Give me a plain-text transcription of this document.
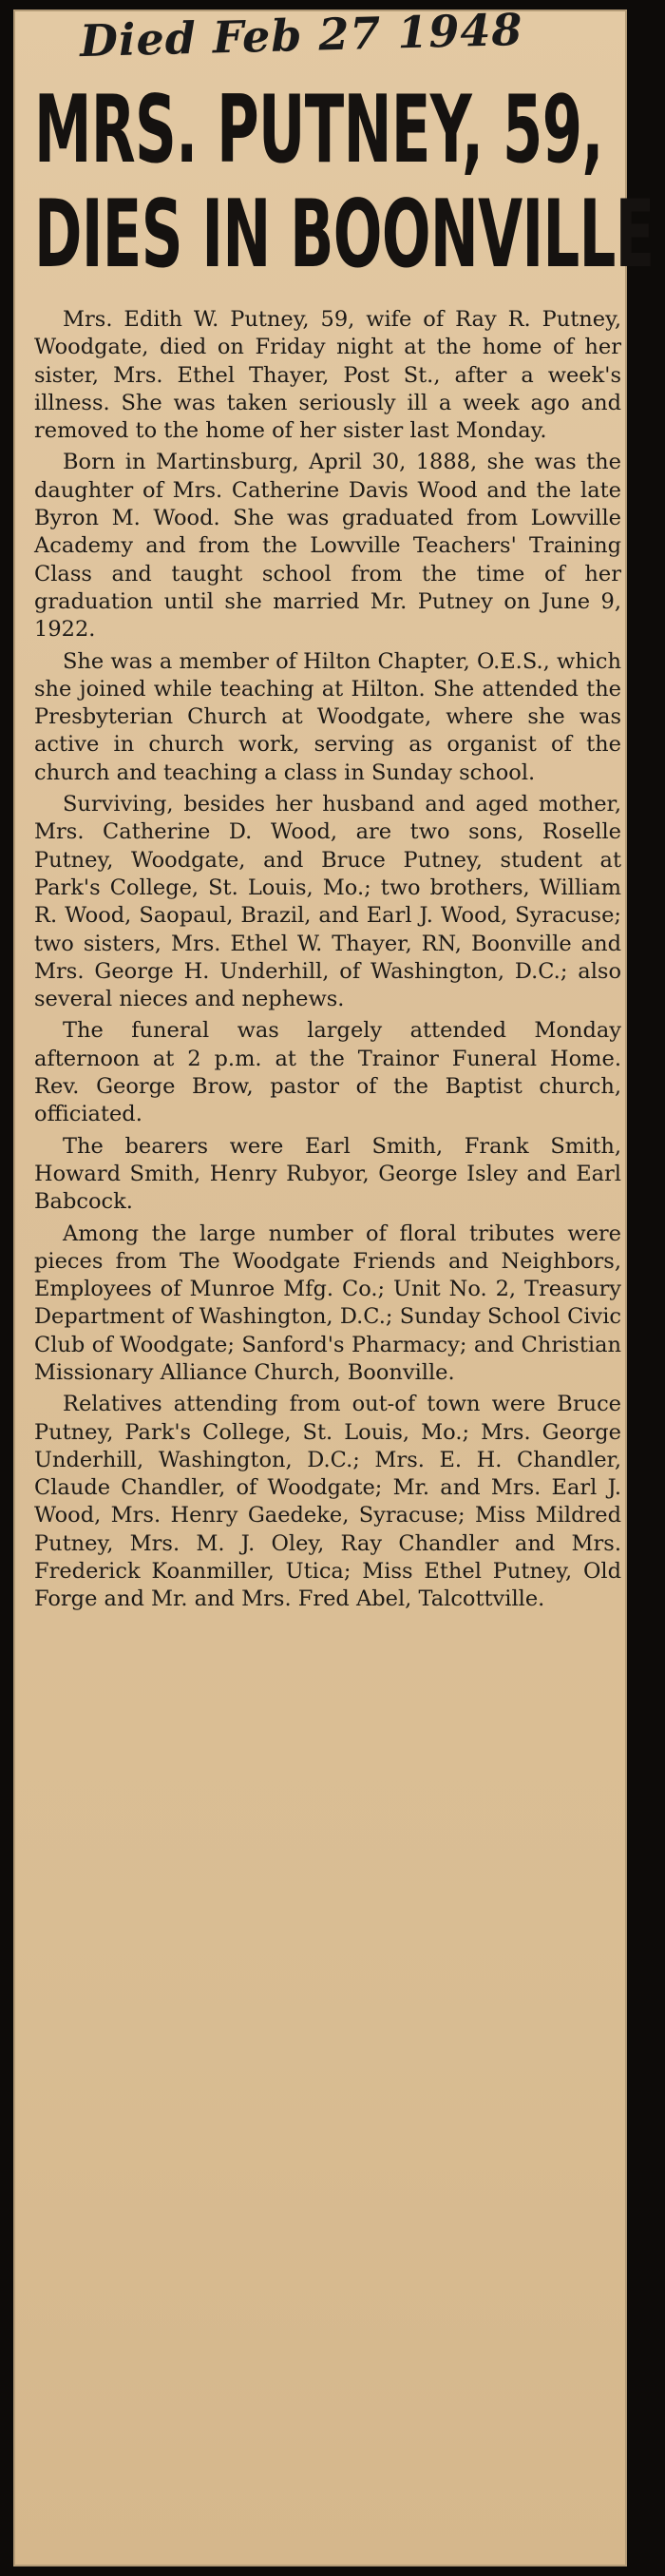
Died Feb 27 1948
MRS. PUTNEY, 59,
DIES IN BOONVILLE

Mrs. Edith W. Putney, 59, wife of Ray R. Putney, Woodgate, died on Friday night at the home of her sister, Mrs. Ethel Thayer, Post St., after a week's illness. She was taken seriously ill a week ago and removed to the home of her sister last Monday.

Born in Martinsburg, April 30, 1888, she was the daughter of Mrs. Catherine Davis Wood and the late Byron M. Wood. She was graduated from Lowville Academy and from the Lowville Teachers' Training Class and taught school from the time of her graduation until she married Mr. Putney on June 9, 1922.

She was a member of Hilton Chapter, O.E.S., which she joined while teaching at Hilton. She attended the Presbyterian Church at Woodgate, where she was active in church work, serving as organist of the church and teaching a class in Sunday school.

Surviving, besides her husband and aged mother, Mrs. Catherine D. Wood, are two sons, Roselle Putney, Woodgate, and Bruce Putney, student at Park's College, St. Louis, Mo.; two brothers, William R. Wood, Saopaul, Brazil, and Earl J. Wood, Syracuse; two sisters, Mrs. Ethel W. Thayer, RN, Boonville and Mrs. George H. Underhill, of Washington, D.C.; also several nieces and nephews.

The funeral was largely attended Monday afternoon at 2 p.m. at the Trainor Funeral Home. Rev. George Brow, pastor of the Baptist church, officiated.

The bearers were Earl Smith, Frank Smith, Howard Smith, Henry Rubyor, George Isley and Earl Babcock.

Among the large number of floral tributes were pieces from The Woodgate Friends and Neighbors, Employees of Munroe Mfg. Co.; Unit No. 2, Treasury Department of Washington, D.C.; Sunday School Civic Club of Woodgate; Sanford's Pharmacy; and Christian Missionary Alliance Church, Boonville.

Relatives attending from out-of town were Bruce Putney, Park's College, St. Louis, Mo.; Mrs. George Underhill, Washington, D.C.; Mrs. E. H. Chandler, Claude Chandler, of Woodgate; Mr. and Mrs. Earl J. Wood, Mrs. Henry Gaedeke, Syracuse; Miss Mildred Putney, Mrs. M. J. Oley, Ray Chandler and Mrs. Frederick Koanmiller, Utica; Miss Ethel Putney, Old Forge and Mr. and Mrs. Fred Abel, Talcottville.
